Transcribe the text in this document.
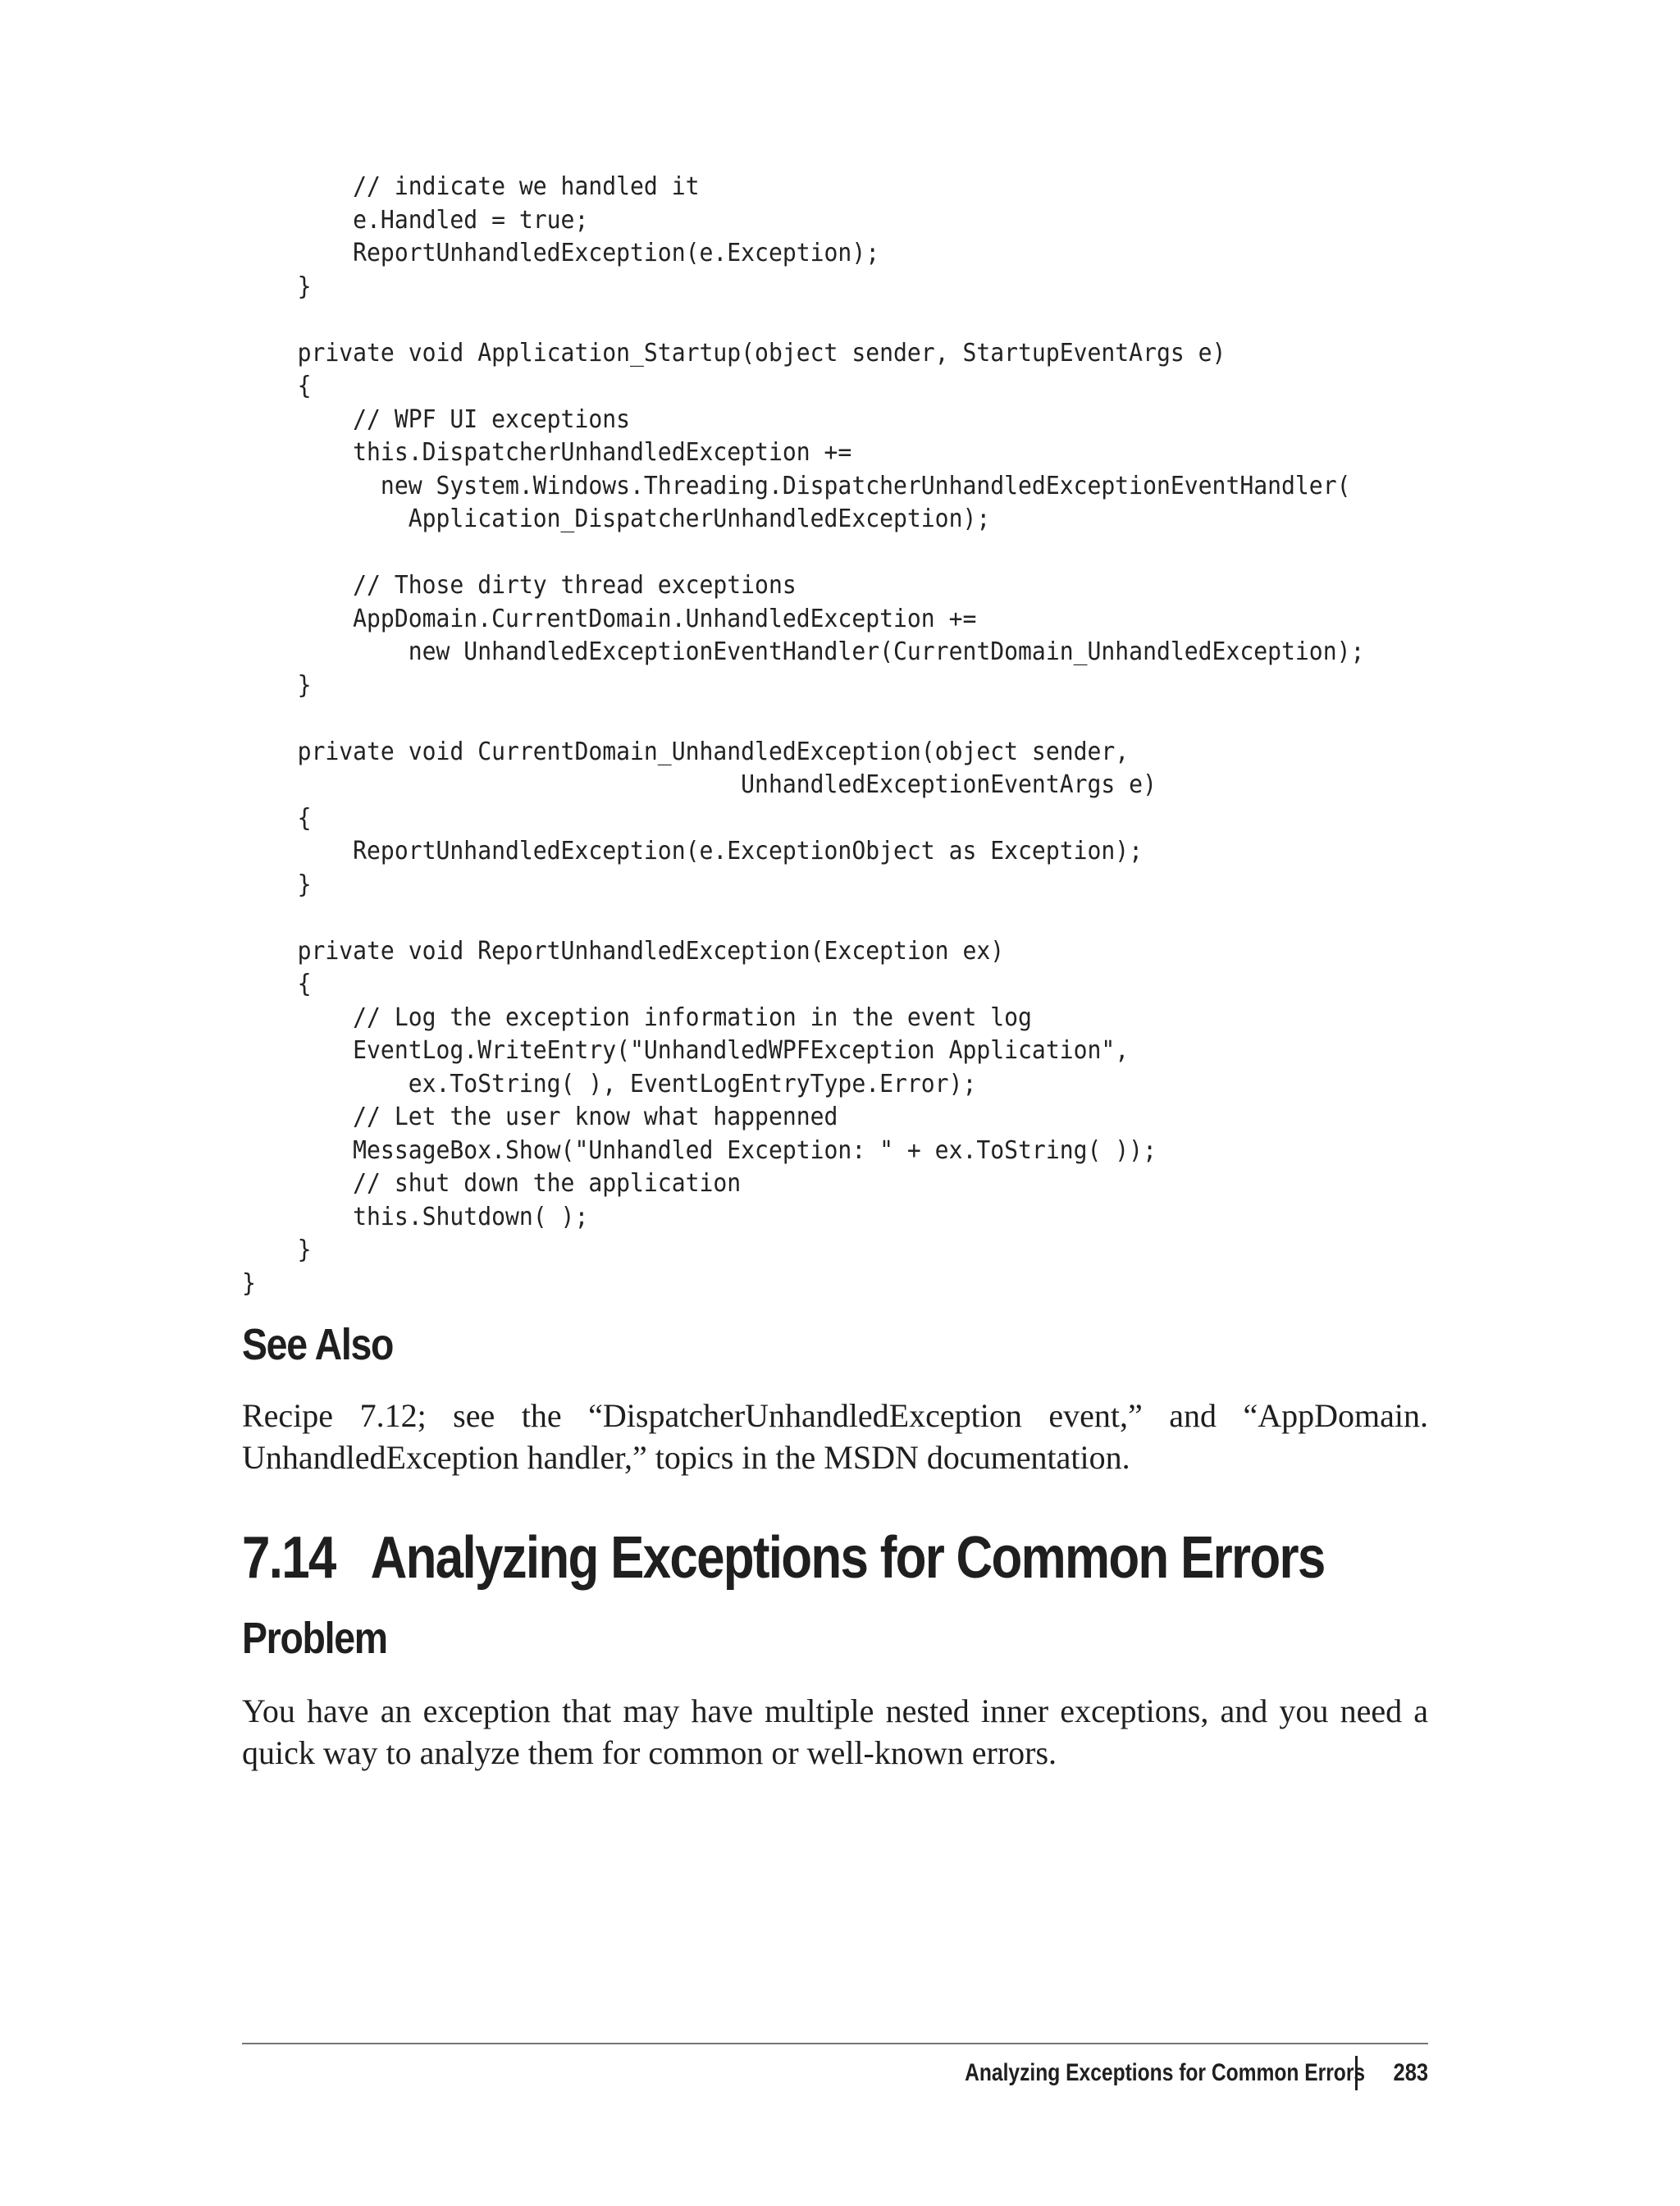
// indicate we handled it
e.Handled = true;
ReportUnhandledException(e.Exception);
}
private void Application_Startup(object sender, StartupEventArgs e)
{
// WPF UI exceptions
this.DispatcherUnhandledException +=
new System.Windows.Threading.DispatcherUnhandledExceptionEventHandler(
Application_DispatcherUnhandledException);
// Those dirty thread exceptions
AppDomain.CurrentDomain.UnhandledException +=
new UnhandledExceptionEventHandler(CurrentDomain_UnhandledException);
}
private void CurrentDomain_UnhandledException(object sender,
UnhandledExceptionEventArgs e)
{
ReportUnhandledException(e.ExceptionObject as Exception);
}
private void ReportUnhandledException(Exception ex)
{
// Log the exception information in the event log
EventLog.WriteEntry("UnhandledWPFException Application",
ex.ToString( ), EventLogEntryType.Error);
// Let the user know what happenned
MessageBox.Show("Unhandled Exception: " + ex.ToString( ));
// shut down the application
this.Shutdown( );
}
}
See Also

Recipe 7.12; see the “DispatcherUnhandledException event,” and “AppDomain. UnhandledException handler,” topics in the MSDN documentation.

7.14 Analyzing Exceptions for Common Errors
Problem

You have an exception that may have multiple nested inner exceptions, and you need a quick way to analyze them for common or well-known errors.

Analyzing Exceptions for Common Errors 283
